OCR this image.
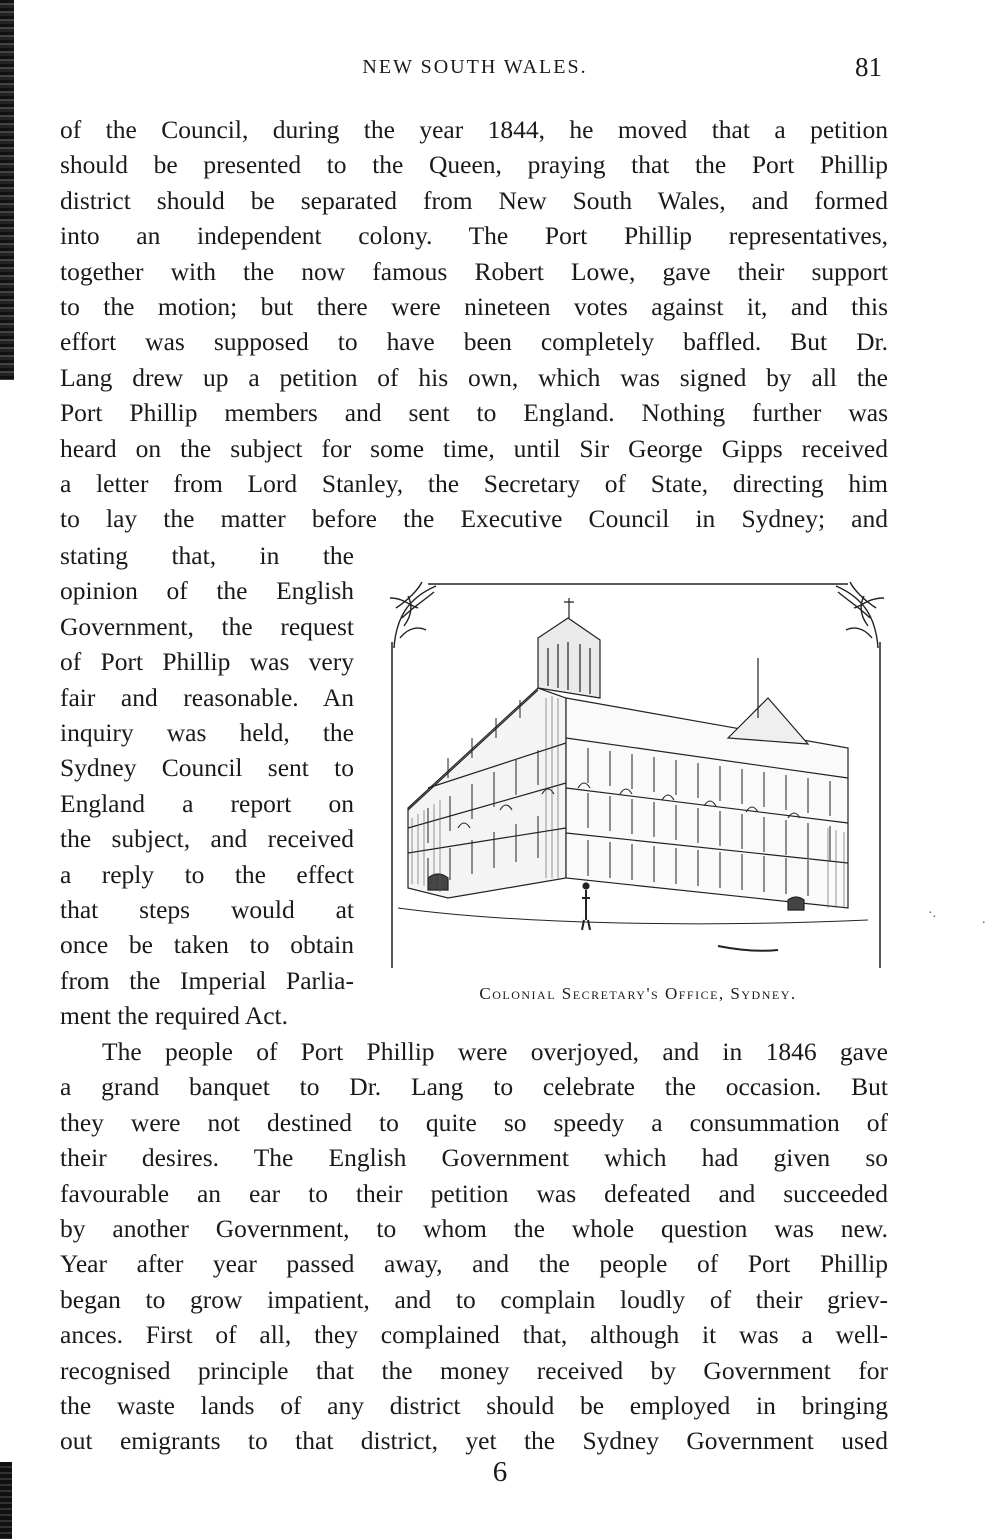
NEW SOUTH WALES.	81

of the Council, during the year 1844, he moved that a petition
should be presented to the Queen, praying that the Port Phillip
district should be separated from New South Wales, and formed
into an independent colony. The Port Phillip representatives,
together with the now famous Robert Lowe, gave their support
to the motion; but there were nineteen votes against it, and this
effort was supposed to have been completely baffled. But Dr.
Lang drew up a petition of his own, which was signed by all the
Port Phillip members and sent to England. Nothing further was
heard on the subject for some time, until Sir George Gipps received
a letter from Lord Stanley, the Secretary of State, directing him
to lay the matter before the Executive Council in Sydney; and

stating that, in the
opinion of the English
Government, the request
of Port Phillip was very
fair and reasonable. An
inquiry was held, the
Sydney Council sent to
England a report on
the subject, and received
a reply to the effect
that steps would at
once be taken to obtain
from the Imperial Parlia-
ment the required Act.
Colonial Secretary's Office, Sydney.

The people of Port Phillip were overjoyed, and in 1846 gave
a grand banquet to Dr. Lang to celebrate the occasion. But
they were not destined to quite so speedy a consummation of
their desires. The English Government which had given so
favourable an ear to their petition was defeated and succeeded
by another Government, to whom the whole question was new.
Year after year passed away, and the people of Port Phillip
began to grow impatient, and to complain loudly of their griev-
ances. First of all, they complained that, although it was a well-
recognised principle that the money received by Government for
the waste lands of any district should be employed in bringing
out emigrants to that district, yet the Sydney Government used

6
·.	.
